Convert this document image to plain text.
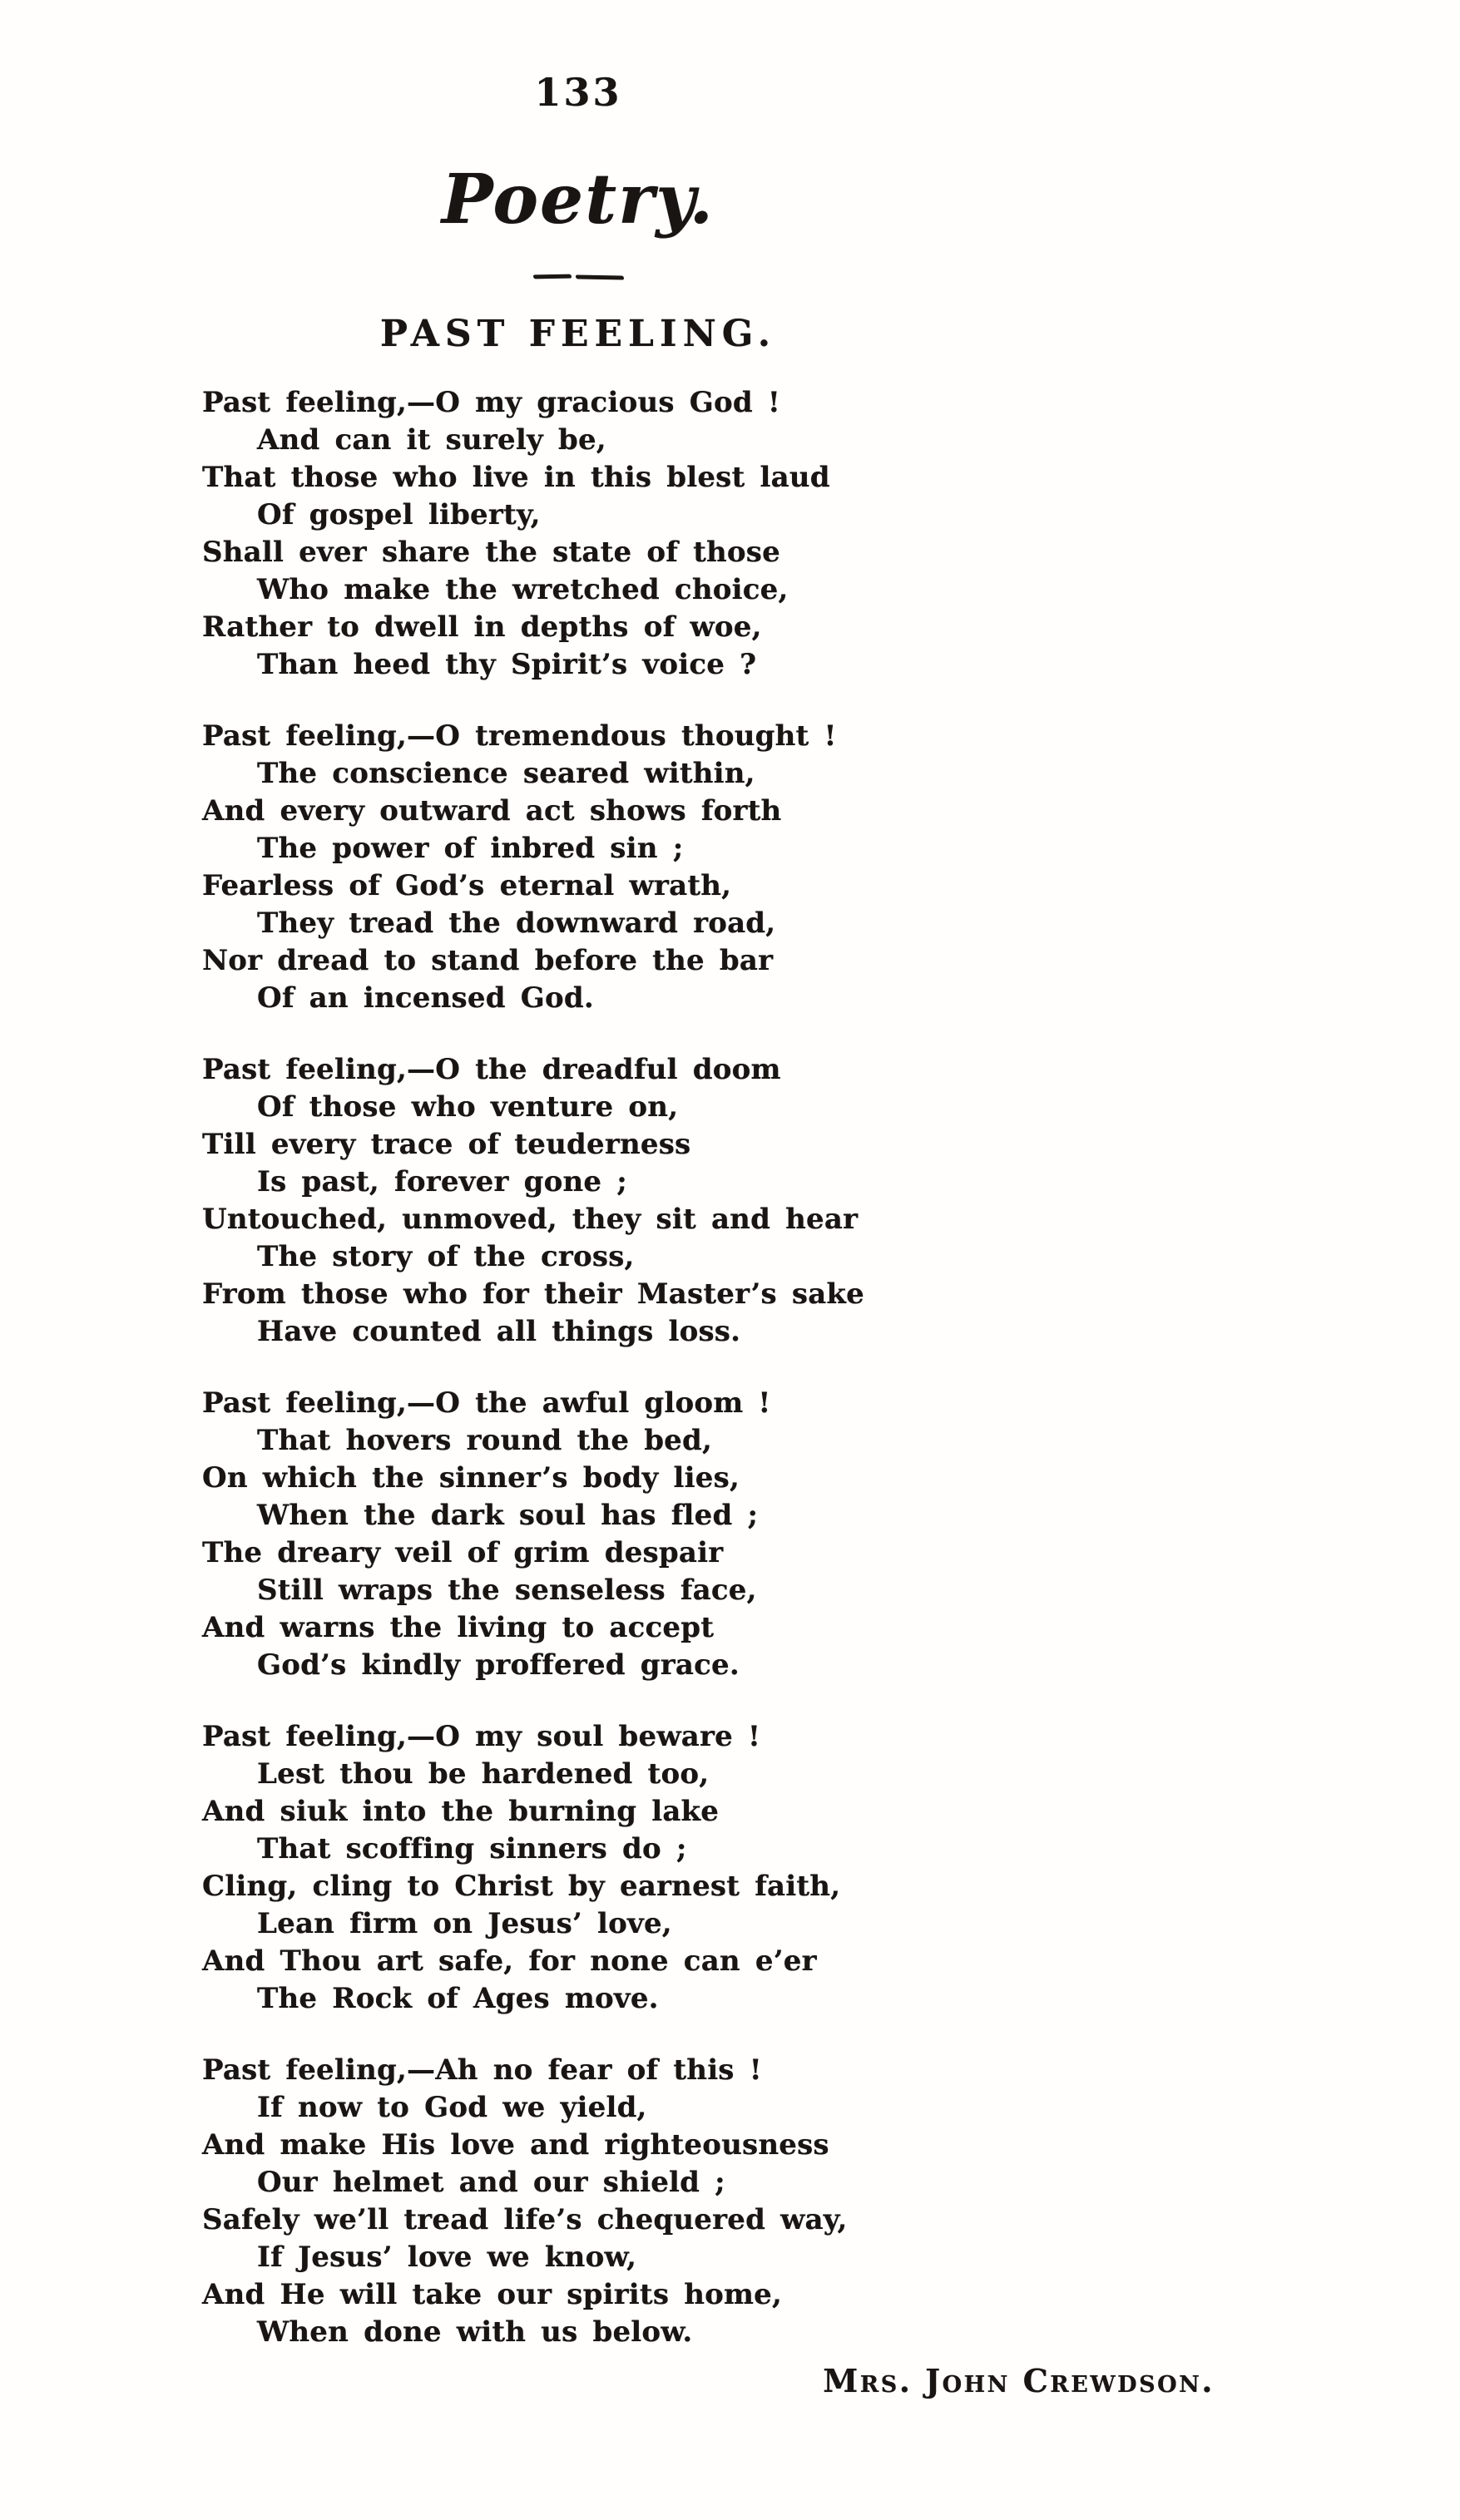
133
Poetry.
PAST FEELING.
Past feeling,—O my gracious God !
And can it surely be,
That those who live in this blest laud
Of gospel liberty,
Shall ever share the state of those
Who make the wretched choice,
Rather to dwell in depths of woe,
Than heed thy Spirit’s voice ?
Past feeling,—O tremendous thought !
The conscience seared within,
And every outward act shows forth
The power of inbred sin ;
Fearless of God’s eternal wrath,
They tread the downward road,
Nor dread to stand before the bar
Of an incensed God.
Past feeling,—O the dreadful doom
Of those who venture on,
Till every trace of teuderness
Is past, forever gone ;
Untouched, unmoved, they sit and hear
The story of the cross,
From those who for their Master’s sake
Have counted all things loss.
Past feeling,—O the awful gloom !
That hovers round the bed,
On which the sinner’s body lies,
When the dark soul has fled ;
The dreary veil of grim despair
Still wraps the senseless face,
And warns the living to accept
God’s kindly proffered grace.
Past feeling,—O my soul beware !
Lest thou be hardened too,
And siuk into the burning lake
That scoffing sinners do ;
Cling, cling to Christ by earnest faith,
Lean firm on Jesus’ love,
And Thou art safe, for none can e’er
The Rock of Ages move.
Past feeling,—Ah no fear of this !
If now to God we yield,
And make His love and righteousness
Our helmet and our shield ;
Safely we’ll tread life’s chequered way,
If Jesus’ love we know,
And He will take our spirits home,
When done with us below.
Mrs. John Crewdson.
